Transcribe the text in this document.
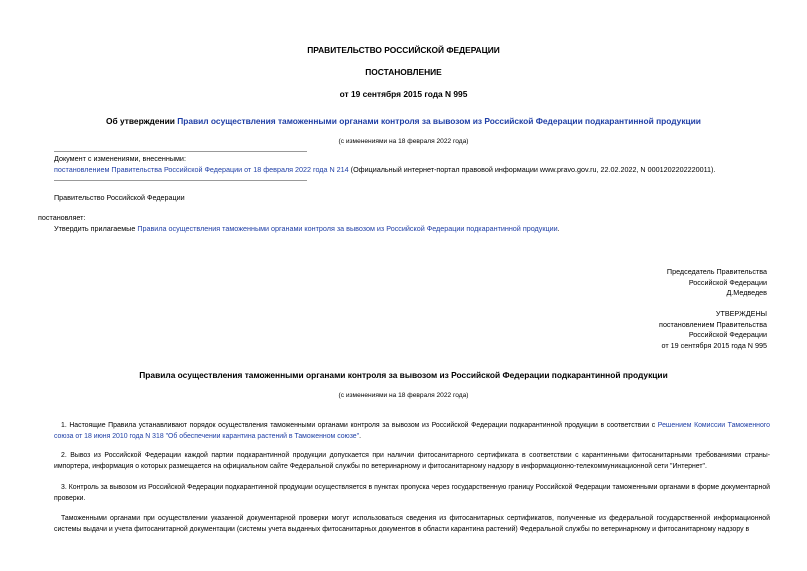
ПРАВИТЕЛЬСТВО РОССИЙСКОЙ ФЕДЕРАЦИИ
ПОСТАНОВЛЕНИЕ
от 19 сентября 2015 года N 995
Об утверждении Правил осуществления таможенными органами контроля за вывозом из Российской Федерации подкарантинной продукции
(с изменениями на 18 февраля 2022 года)
Документ с изменениями, внесенными:
постановлением Правительства Российской Федерации от 18 февраля 2022 года N 214 (Официальный интернет-портал правовой информации www.pravo.gov.ru, 22.02.2022, N 0001202202220011).
Правительство Российской Федерации
постановляет:
Утвердить прилагаемые Правила осуществления таможенными органами контроля за вывозом из Российской Федерации подкарантинной продукции.
Председатель Правительства
Российской Федерации
Д.Медведев
УТВЕРЖДЕНЫ
постановлением Правительства
Российской Федерации
от 19 сентября 2015 года N 995
Правила осуществления таможенными органами контроля за вывозом из Российской Федерации подкарантинной продукции
(с изменениями на 18 февраля 2022 года)
1. Настоящие Правила устанавливают порядок осуществления таможенными органами контроля за вывозом из Российской Федерации подкарантинной продукции в соответствии с Решением Комиссии Таможенного союза от 18 июня 2010 года N 318 "Об обеспечении карантина растений в Таможенном союзе".
2. Вывоз из Российской Федерации каждой партии подкарантинной продукции допускается при наличии фитосанитарного сертификата в соответствии с карантинными фитосанитарными требованиями страны-импортера, информация о которых размещается на официальном сайте Федеральной службы по ветеринарному и фитосанитарному надзору в информационно-телекоммуникационной сети "Интернет".
3. Контроль за вывозом из Российской Федерации подкарантинной продукции осуществляется в пунктах пропуска через государственную границу Российской Федерации таможенными органами в форме документарной проверки.
Таможенными органами при осуществлении указанной документарной проверки могут использоваться сведения из фитосанитарных сертификатов, полученные из федеральной государственной информационной системы выдачи и учета фитосанитарной документации (системы учета выданных фитосанитарных документов в области карантина растений) Федеральной службы по ветеринарному и фитосанитарному надзору в
